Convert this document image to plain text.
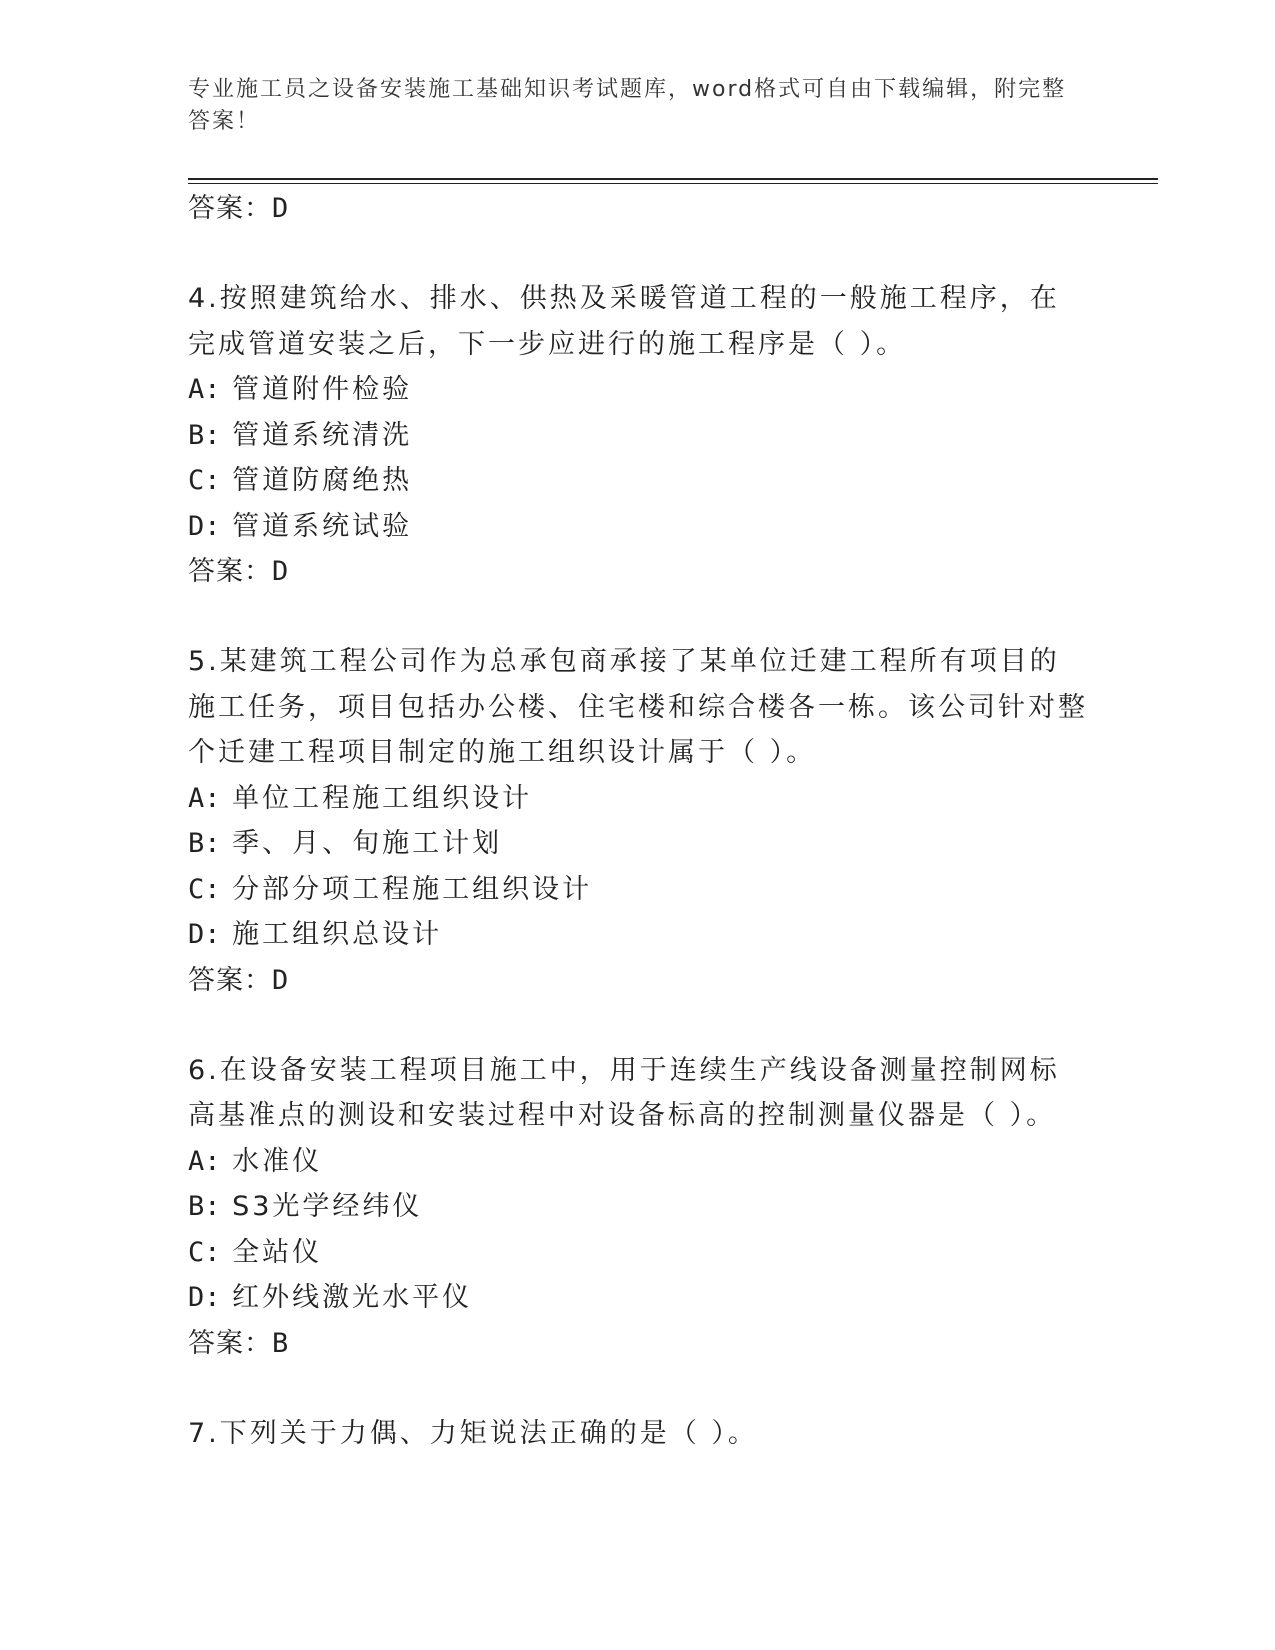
专业施工员之设备安装施工基础知识考试题库，word格式可自由下载编辑，附完整答案！
答案：D
4.按照建筑给水、排水、供热及采暖管道工程的一般施工程序，在完成管道安装之后，下一步应进行的施工程序是（ ）。
A: 管道附件检验
B: 管道系统清洗
C: 管道防腐绝热
D: 管道系统试验
答案：D
5.某建筑工程公司作为总承包商承接了某单位迁建工程所有项目的施工任务，项目包括办公楼、住宅楼和综合楼各一栋。该公司针对整个迁建工程项目制定的施工组织设计属于（ ）。
A: 单位工程施工组织设计
B: 季、月、旬施工计划
C: 分部分项工程施工组织设计
D: 施工组织总设计
答案：D
6.在设备安装工程项目施工中，用于连续生产线设备测量控制网标高基准点的测设和安装过程中对设备标高的控制测量仪器是（ ）。
A: 水准仪
B: S3光学经纬仪
C: 全站仪
D: 红外线激光水平仪
答案：B
7.下列关于力偶、力矩说法正确的是（ ）。
